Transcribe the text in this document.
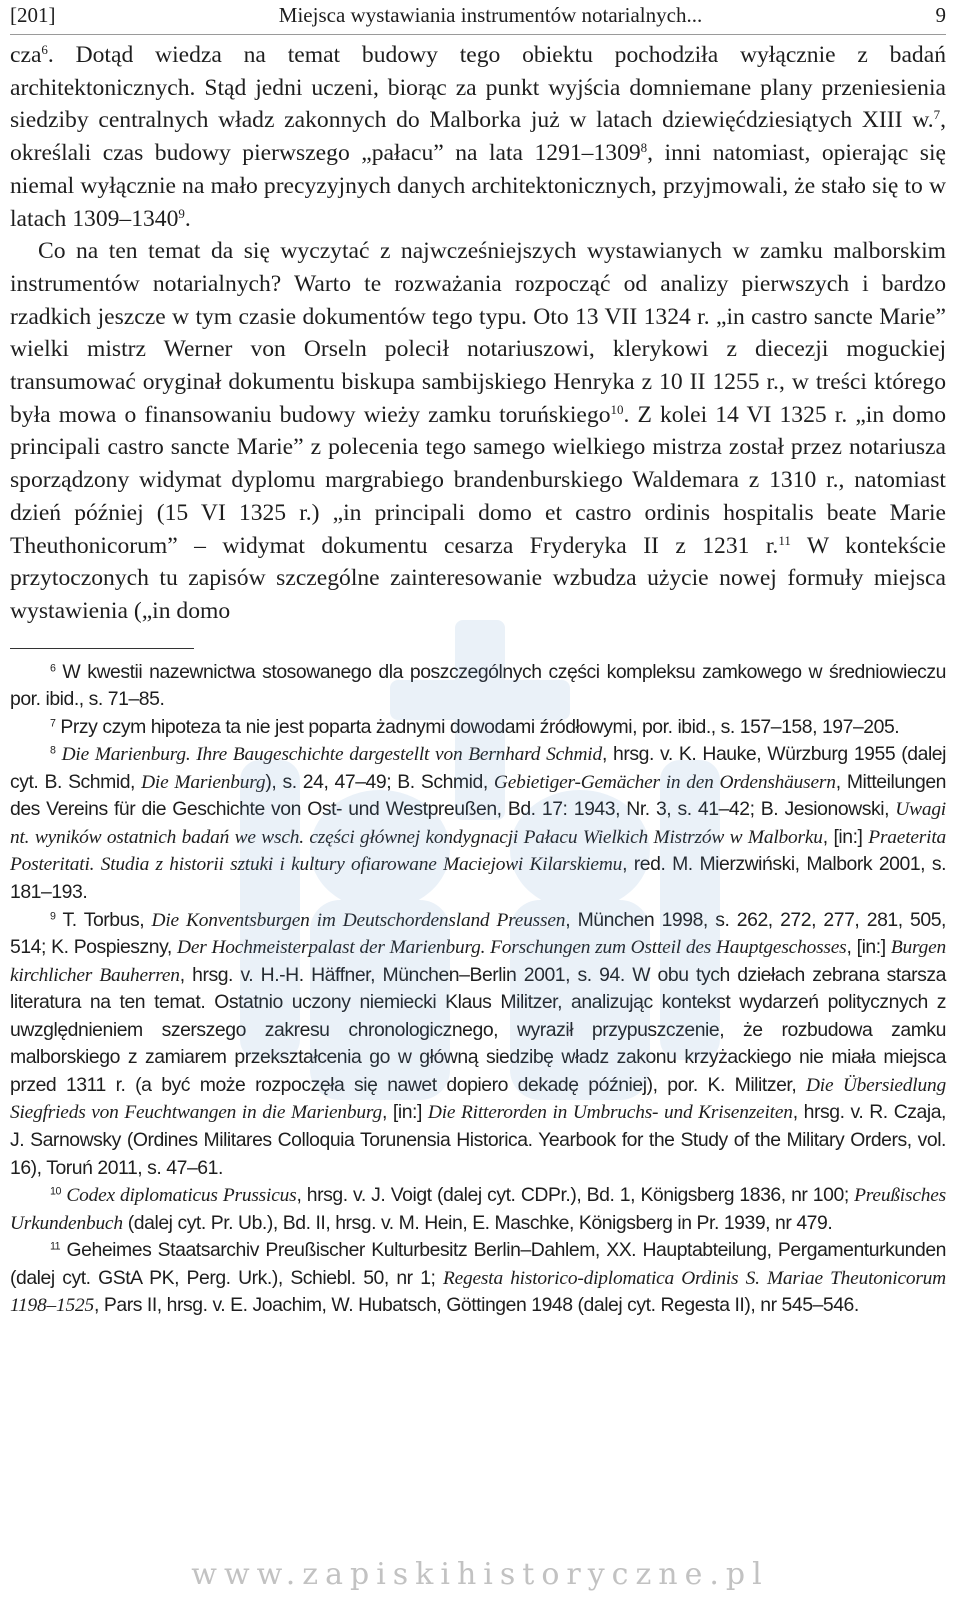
[201]	Miejsca wystawiania instrumentów notarialnych...	9

cza$^6$. Dotąd wiedza na temat budowy tego obiektu pochodziła wyłącznie z badań architektonicznych. Stąd jedni uczeni, biorąc za punkt wyjścia domniemane plany przeniesienia siedziby centralnych władz zakonnych do Malborka już w latach dziewięćdziesiątych XIII w.$^7$, określali czas budowy pierwszego „pałacu” na lata 1291–1309$^8$, inni natomiast, opierając się niemal wyłącznie na mało precyzyjnych danych architektonicznych, przyjmowali, że stało się to w latach 1309–1340$^9$.

Co na ten temat da się wyczytać z najwcześniejszych wystawianych w zamku malborskim instrumentów notarialnych? Warto te rozważania rozpocząć od analizy pierwszych i bardzo rzadkich jeszcze w tym czasie dokumentów tego typu. Oto 13 VII 1324 r. „in castro sancte Marie” wielki mistrz Werner von Orseln polecił notariuszowi, klerykowi z diecezji moguckiej transumować oryginał dokumentu biskupa sambijskiego Henryka z 10 II 1255 r., w treści którego była mowa o finansowaniu budowy wieży zamku toruńskiego$^{10}$. Z kolei 14 VI 1325 r. „in domo principali castro sancte Marie” z polecenia tego samego wielkiego mistrza został przez notariusza sporządzony widymat dyplomu margrabiego brandenburskiego Waldemara z 1310 r., natomiast dzień później (15 VI 1325 r.) „in principali domo et castro ordinis hospitalis beate Marie Theuthonicorum” – widymat dokumentu cesarza Fryderyka II z 1231 r.$^{11}$ W kontekście przytoczonych tu zapisów szczególne zainteresowanie wzbudza użycie nowej formuły miejsca wystawienia („in domo

$^6$ W kwestii nazewnictwa stosowanego dla poszczególnych części kompleksu zamkowego w średniowieczu por. ibid., s. 71–85.

$^7$ Przy czym hipoteza ta nie jest poparta żadnymi dowodami źródłowymi, por. ibid., s. 157–158, 197–205.

$^8$ Die Marienburg. Ihre Baugeschichte dargestellt von Bernhard Schmid, hrsg. v. K. Hauke, Würzburg 1955 (dalej cyt. B. Schmid, Die Marienburg), s. 24, 47–49; B. Schmid, Gebietiger-Gemächer in den Ordenshäusern, Mitteilungen des Vereins für die Geschichte von Ost- und Westpreußen, Bd. 17: 1943, Nr. 3, s. 41–42; B. Jesionowski, Uwagi nt. wyników ostatnich badań we wsch. części głównej kondygnacji Pałacu Wielkich Mistrzów w Malborku, [in:] Praeterita Posteritati. Studia z historii sztuki i kultury ofiarowane Maciejowi Kilarskiemu, red. M. Mierzwiński, Malbork 2001, s. 181–193.

$^9$ T. Torbus, Die Konventsburgen im Deutschordensland Preussen, München 1998, s. 262, 272, 277, 281, 505, 514; K. Pospieszny, Der Hochmeisterpalast der Marienburg. Forschungen zum Ostteil des Hauptgeschosses, [in:] Burgen kirchlicher Bauherren, hrsg. v. H.-H. Häffner, München–Berlin 2001, s. 94. W obu tych dziełach zebrana starsza literatura na ten temat. Ostatnio uczony niemiecki Klaus Militzer, analizując kontekst wydarzeń politycznych z uwzględnieniem szerszego zakresu chronologicznego, wyraził przypuszczenie, że rozbudowa zamku malborskiego z zamiarem przekształcenia go w główną siedzibę władz zakonu krzyżackiego nie miała miejsca przed 1311 r. (a być może rozpoczęła się nawet dopiero dekadę później), por. K. Militzer, Die Übersiedlung Siegfrieds von Feuchtwangen in die Marienburg, [in:] Die Ritterorden in Umbruchs- und Krisenzeiten, hrsg. v. R. Czaja, J. Sarnowsky (Ordines Militares Colloquia Torunensia Historica. Yearbook for the Study of the Military Orders, vol. 16), Toruń 2011, s. 47–61.

$^{10}$ Codex diplomaticus Prussicus, hrsg. v. J. Voigt (dalej cyt. CDPr.), Bd. 1, Königsberg 1836, nr 100; Preußisches Urkundenbuch (dalej cyt. Pr. Ub.), Bd. II, hrsg. v. M. Hein, E. Maschke, Königsberg in Pr. 1939, nr 479.

$^{11}$ Geheimes Staatsarchiv Preußischer Kulturbesitz Berlin–Dahlem, XX. Hauptabteilung, Pergamenturkunden (dalej cyt. GStA PK, Perg. Urk.), Schiebl. 50, nr 1; Regesta historico-diplomatica Ordinis S. Mariae Theutonicorum 1198–1525, Pars II, hrsg. v. E. Joachim, W. Hubatsch, Göttingen 1948 (dalej cyt. Regesta II), nr 545–546.

www.zapiskihistoryczne.pl
